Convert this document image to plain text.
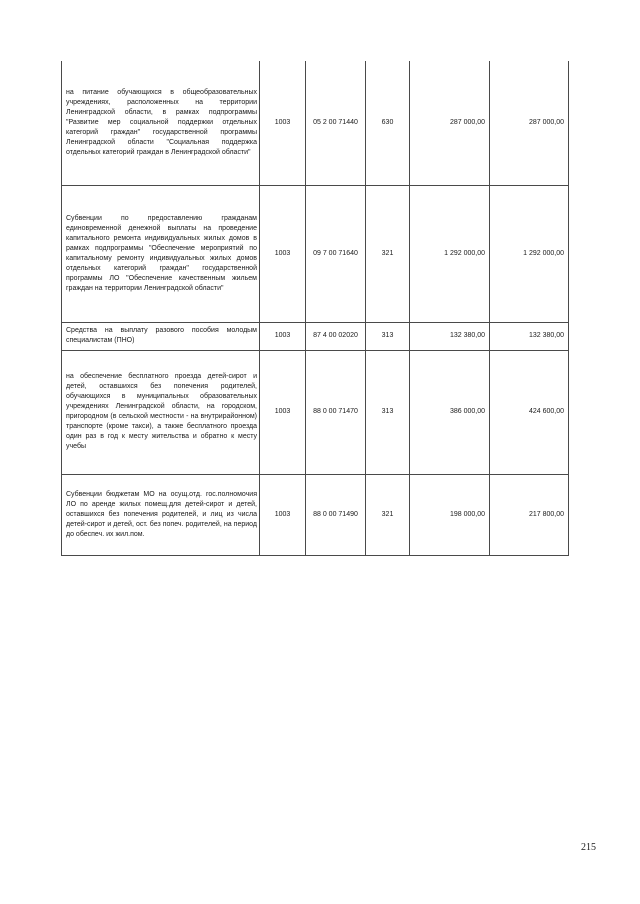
на питание обучающихся в общеобразовательных учреждениях, расположенных на территории Ленинградской области, в рамках подпрограммы "Развитие мер социальной поддержки отдельных категорий граждан" государственной программы Ленинградской области "Социальная поддержка отдельных категорий граждан в Ленинградской области"	1003	05 2 00 71440	630	287 000,00	287 000,00
Субвенции по предоставлению гражданам единовременной денежной выплаты на проведение капитального ремонта индивидуальных жилых домов в рамках подпрограммы "Обеспечение мероприятий по капитальному ремонту индивидуальных жилых домов отдельных категорий граждан" государственной программы ЛО "Обеспечение качественным жильем граждан на территории Ленинградской области"	1003	09 7 00 71640	321	1 292 000,00	1 292 000,00
Средства на выплату разового пособия молодым специалистам (ПНО)	1003	87 4 00 02020	313	132 380,00	132 380,00
на обеспечение бесплатного проезда детей-сирот и детей, оставшихся без попечения родителей, обучающихся в муниципальных образовательных учреждениях Ленинградской области, на городском, пригородном (в сельской местности - на внутрирайонном) транспорте (кроме такси), а также бесплатного проезда один раз в год к месту жительства и обратно к месту учебы	1003	88 0 00 71470	313	386 000,00	424 600,00
Субвенции бюджетам МО на осущ.отд. гос.полномочия ЛО по аренде жилых помещ.для детей-сирот и детей, оставшихся без попечения родителей, и лиц из числа детей-сирот и детей, ост. без попеч. родителей, на период до обеспеч. их жил.пом.	1003	88 0 00 71490	321	198 000,00	217 800,00
215
